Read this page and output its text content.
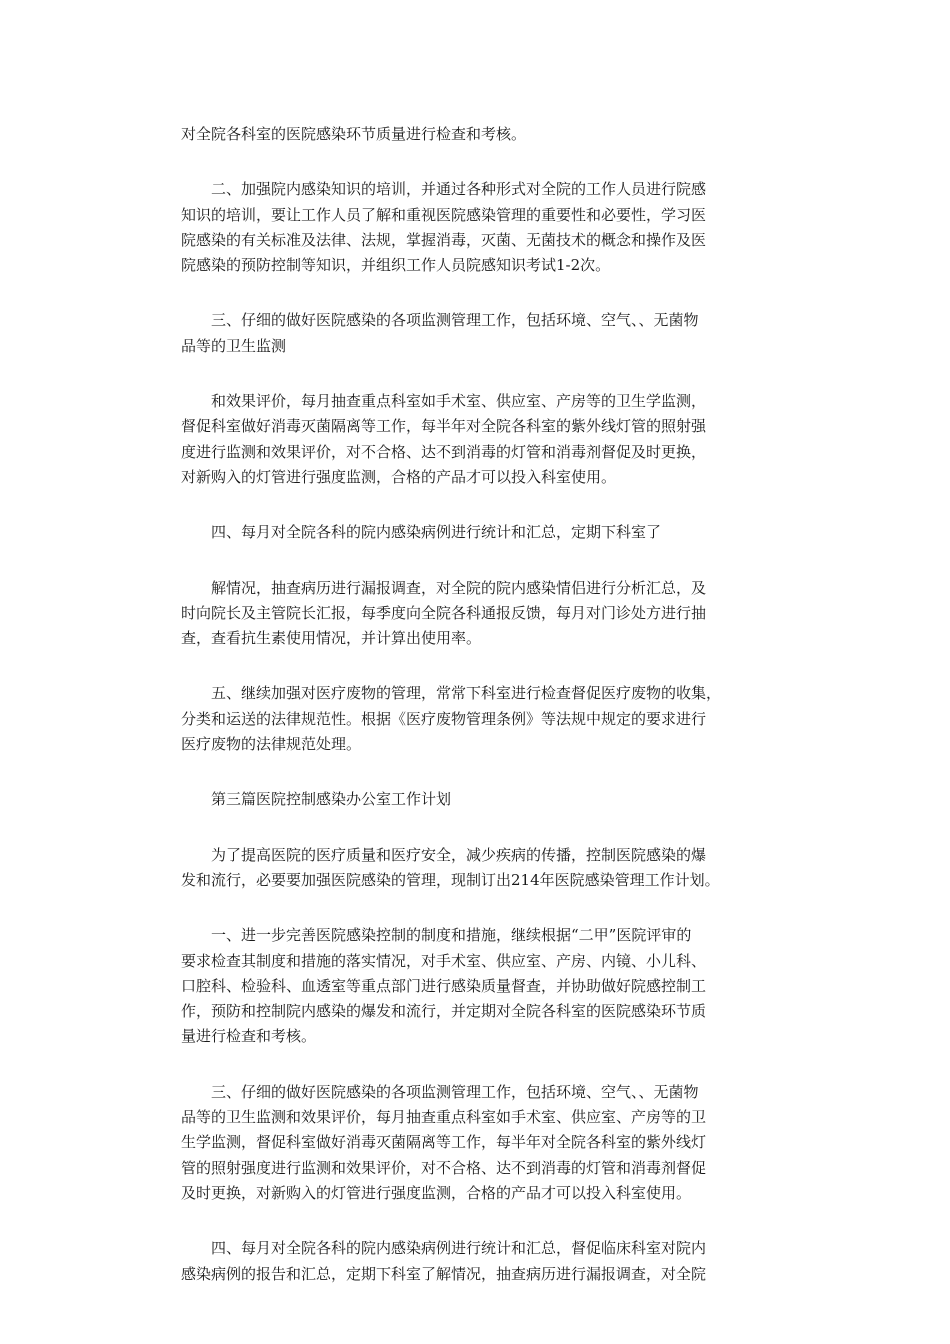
对全院各科室的医院感染环节质量进行检查和考核。

　　二、加强院内感染知识的培训，并通过各种形式对全院的工作人员进行院感
知识的培训，要让工作人员了解和重视医院感染管理的重要性和必要性，学习医
院感染的有关标准及法律、法规，掌握消毒，灭菌、无菌技术的概念和操作及医
院感染的预防控制等知识，并组织工作人员院感知识考试1-2次。

　　三、仔细的做好医院感染的各项监测管理工作，包括环境、空气、、无菌物
品等的卫生监测

　　和效果评价，每月抽查重点科室如手术室、供应室、产房等的卫生学监测，
督促科室做好消毒灭菌隔离等工作，每半年对全院各科室的紫外线灯管的照射强
度进行监测和效果评价，对不合格、达不到消毒的灯管和消毒剂督促及时更换，
对新购入的灯管进行强度监测，合格的产品才可以投入科室使用。

　　四、每月对全院各科的院内感染病例进行统计和汇总，定期下科室了

　　解情况，抽查病历进行漏报调查，对全院的院内感染情侣进行分析汇总，及
时向院长及主管院长汇报，每季度向全院各科通报反馈，每月对门诊处方进行抽
查，查看抗生素使用情况，并计算出使用率。

　　五、继续加强对医疗废物的管理，常常下科室进行检查督促医疗废物的收集，
分类和运送的法律规范性。根据《医疗废物管理条例》等法规中规定的要求进行
医疗废物的法律规范处理。

　　第三篇医院控制感染办公室工作计划

　　为了提高医院的医疗质量和医疗安全，减少疾病的传播，控制医院感染的爆
发和流行，必要要加强医院感染的管理，现制订出214年医院感染管理工作计划。

　　一、进一步完善医院感染控制的制度和措施，继续根据“二甲”医院评审的
要求检查其制度和措施的落实情况，对手术室、供应室、产房、内镜、小儿科、
口腔科、检验科、血透室等重点部门进行感染质量督查，并协助做好院感控制工
作，预防和控制院内感染的爆发和流行，并定期对全院各科室的医院感染环节质
量进行检查和考核。

　　三、仔细的做好医院感染的各项监测管理工作，包括环境、空气、、无菌物
品等的卫生监测和效果评价，每月抽查重点科室如手术室、供应室、产房等的卫
生学监测，督促科室做好消毒灭菌隔离等工作，每半年对全院各科室的紫外线灯
管的照射强度进行监测和效果评价，对不合格、达不到消毒的灯管和消毒剂督促
及时更换，对新购入的灯管进行强度监测，合格的产品才可以投入科室使用。

　　四、每月对全院各科的院内感染病例进行统计和汇总，督促临床科室对院内
感染病例的报告和汇总，定期下科室了解情况，抽查病历进行漏报调查，对全院
